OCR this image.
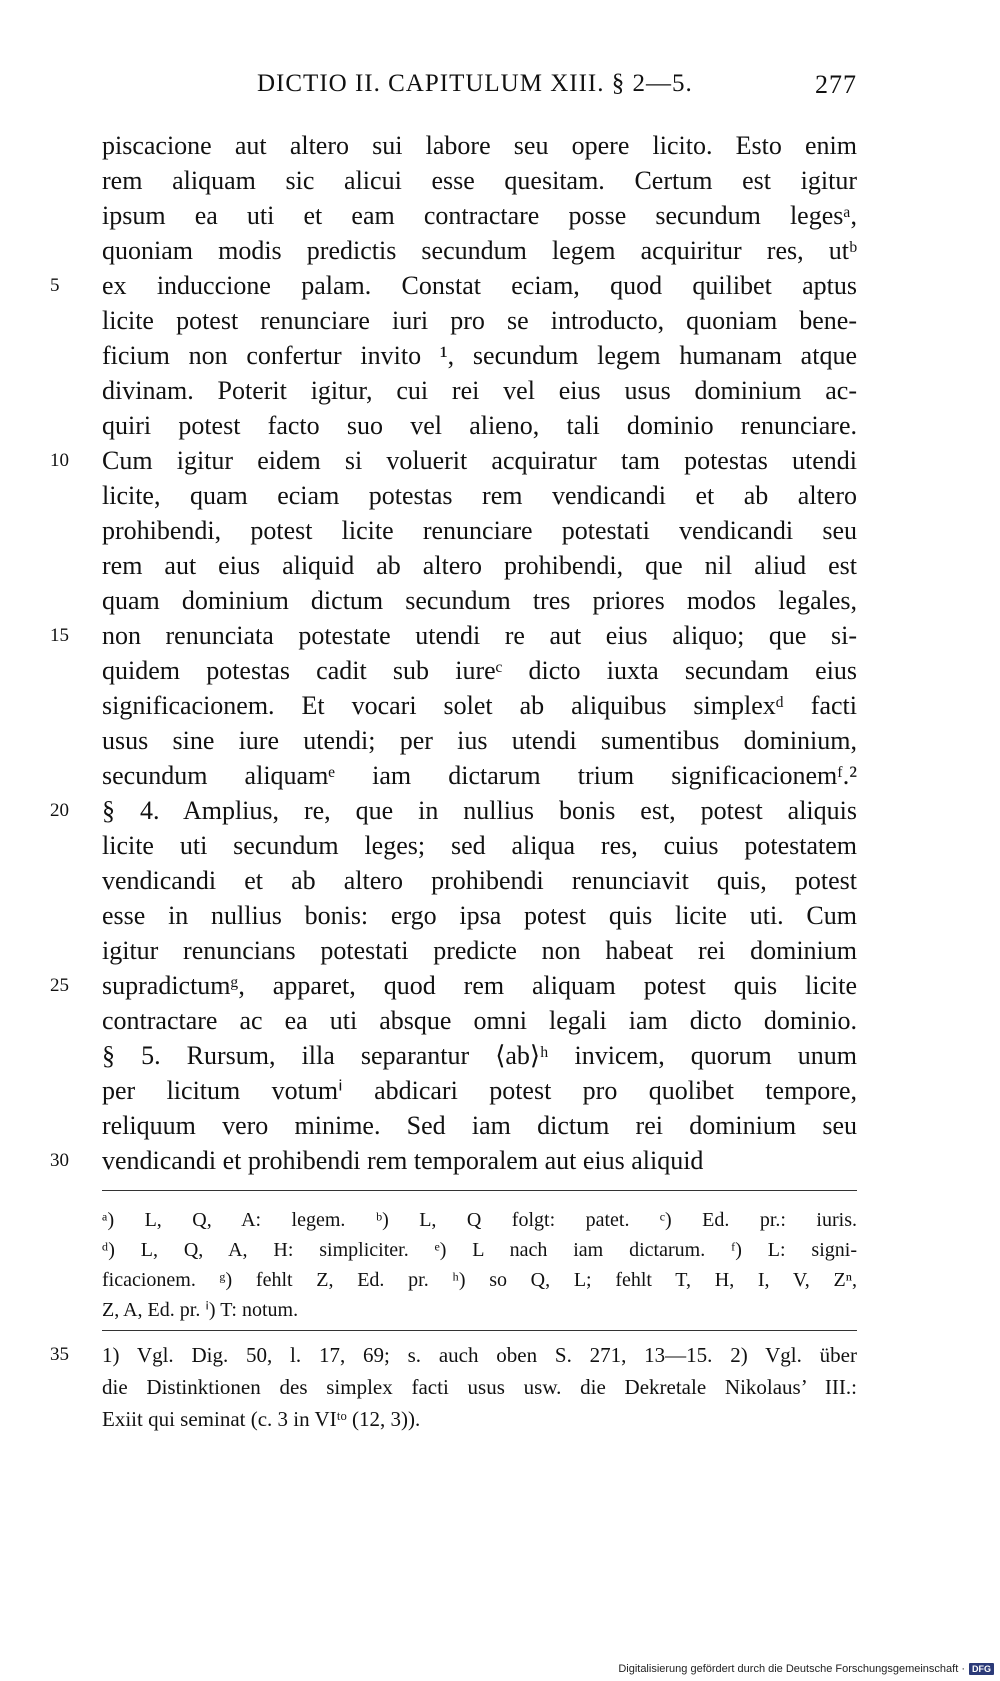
DICTIO II. CAPITULUM XIII. § 2—5.	277
piscacione aut altero sui labore seu opere licito. Esto enim
rem aliquam sic alicui esse quesitam. Certum est igitur
ipsum ea uti et eam contractare posse secundum legesᵃ,
quoniam modis predictis secundum legem acquiritur res, utᵇ
5	ex induccione palam. Constat eciam, quod quilibet aptus
licite potest renunciare iuri pro se introducto, quoniam bene-
ficium non confertur invito ¹, secundum legem humanam atque
divinam. Poterit igitur, cui rei vel eius usus dominium ac-
quiri potest facto suo vel alieno, tali dominio renunciare.
10	Cum igitur eidem si voluerit acquiratur tam potestas utendi
licite, quam eciam potestas rem vendicandi et ab altero
prohibendi, potest licite renunciare potestati vendicandi seu
rem aut eius aliquid ab altero prohibendi, que nil aliud est
quam dominium dictum secundum tres priores modos legales,
15	non renunciata potestate utendi re aut eius aliquo; que si-
quidem potestas cadit sub iureᶜ dicto iuxta secundam eius
significacionem. Et vocari solet ab aliquibus simplexᵈ facti
usus sine iure utendi; per ius utendi sumentibus dominium,
secundum aliquamᵉ iam dictarum trium significacionemᶠ.²
20	§ 4. Amplius, re, que in nullius bonis est, potest aliquis
licite uti secundum leges; sed aliqua res, cuius potestatem
vendicandi et ab altero prohibendi renunciavit quis, potest
esse in nullius bonis: ergo ipsa potest quis licite uti. Cum
igitur renuncians potestati predicte non habeat rei dominium
25	supradictumᵍ, apparet, quod rem aliquam potest quis licite
contractare ac ea uti absque omni legali iam dicto dominio.
§ 5. Rursum, illa separantur ⟨ab⟩ʰ invicem, quorum unum
per licitum votumⁱ abdicari potest pro quolibet tempore,
reliquum vero minime. Sed iam dictum rei dominium seu
30	vendicandi et prohibendi rem temporalem aut eius aliquid
ᵃ) L, Q, A: legem. ᵇ) L, Q folgt: patet. ᶜ) Ed. pr.: iuris.
ᵈ) L, Q, A, H: simpliciter. ᵉ) L nach iam dictarum. ᶠ) L: signi-
ficacionem. ᵍ) fehlt Z, Ed. pr. ʰ) so Q, L; fehlt T, H, I, V, Zⁿ,
Z, A, Ed. pr. ⁱ) T: notum.
35 1) Vgl. Dig. 50, l. 17, 69; s. auch oben S. 271, 13—15. 2) Vgl. über
die Distinktionen des simplex facti usus usw. die Dekretale Nikolaus’ III.:
Exiit qui seminat (c. 3 in VIᵗᵒ (12, 3)).
Digitalisierung gefördert durch die Deutsche Forschungsgemeinschaft · DFG
